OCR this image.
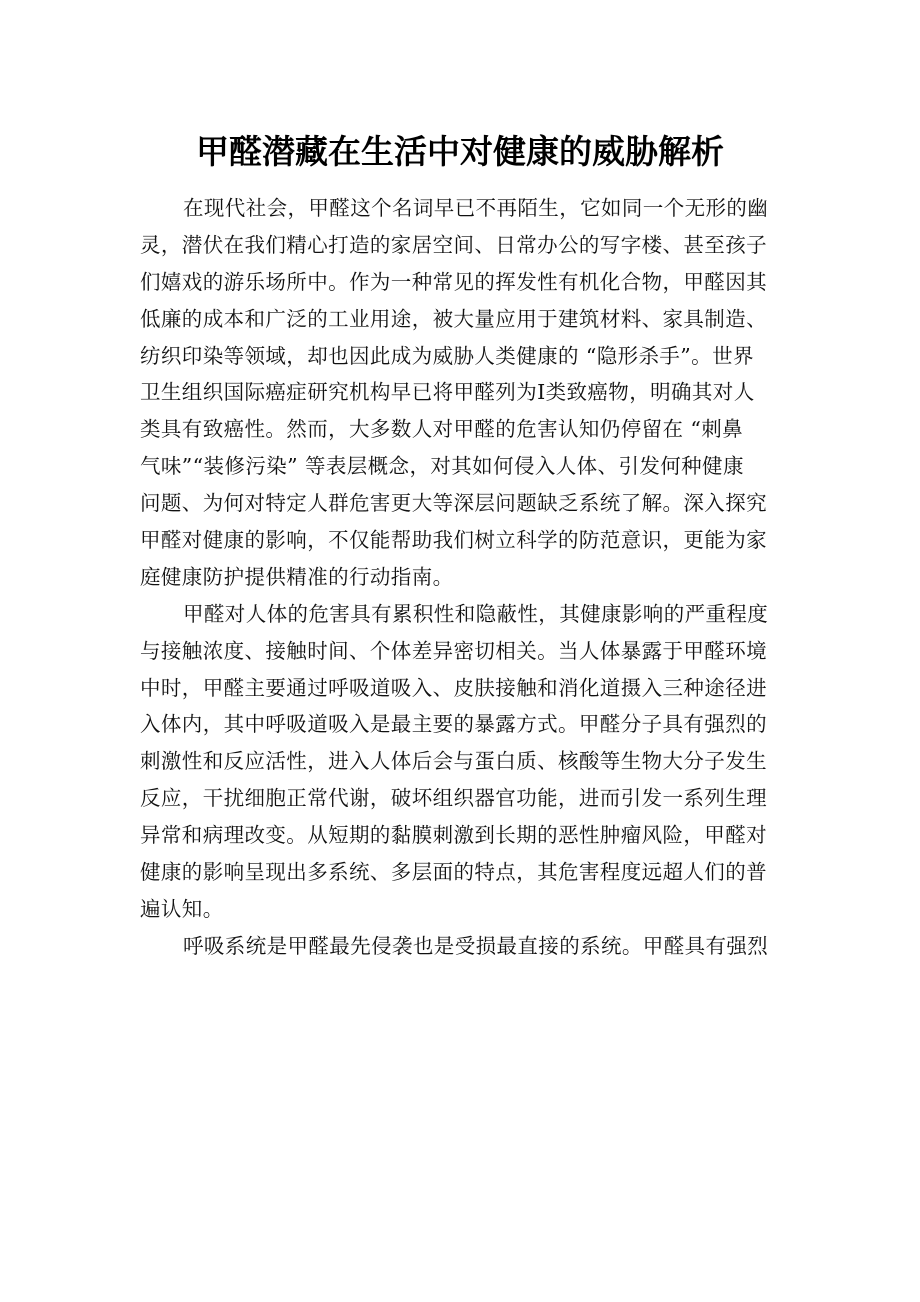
甲醛潜藏在生活中对健康的威胁解析
在现代社会，甲醛这个名词早已不再陌生，它如同一个无形的幽
灵，潜伏在我们精心打造的家居空间、日常办公的写字楼、甚至孩子
们嬉戏的游乐场所中。作为一种常见的挥发性有机化合物，甲醛因其
低廉的成本和广泛的工业用途，被大量应用于建筑材料、家具制造、
纺织印染等领域，却也因此成为威胁人类健康的 “隐形杀手”。世界
卫生组织国际癌症研究机构早已将甲醛列为Ⅰ类致癌物，明确其对人
类具有致癌性。然而，大多数人对甲醛的危害认知仍停留在 “刺鼻
气味”“装修污染” 等表层概念，对其如何侵入人体、引发何种健康
问题、为何对特定人群危害更大等深层问题缺乏系统了解。深入探究
甲醛对健康的影响，不仅能帮助我们树立科学的防范意识，更能为家
庭健康防护提供精准的行动指南。
甲醛对人体的危害具有累积性和隐蔽性，其健康影响的严重程度
与接触浓度、接触时间、个体差异密切相关。当人体暴露于甲醛环境
中时，甲醛主要通过呼吸道吸入、皮肤接触和消化道摄入三种途径进
入体内，其中呼吸道吸入是最主要的暴露方式。甲醛分子具有强烈的
刺激性和反应活性，进入人体后会与蛋白质、核酸等生物大分子发生
反应，干扰细胞正常代谢，破坏组织器官功能，进而引发一系列生理
异常和病理改变。从短期的黏膜刺激到长期的恶性肿瘤风险，甲醛对
健康的影响呈现出多系统、多层面的特点，其危害程度远超人们的普
遍认知。
呼吸系统是甲醛最先侵袭也是受损最直接的系统。甲醛具有强烈
